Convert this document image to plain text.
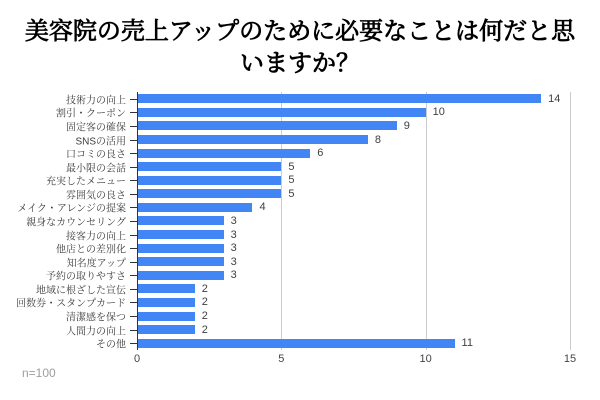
美容院の売上アップのために必要なことは何だと思いますか？
技術力の向上	14
割引・クーポン	10
固定客の確保	9
SNSの活用	8
口コミの良さ	6
最小限の会話	5
充実したメニュー	5
雰囲気の良さ	5
メイク・アレンジの提案	4
親身なカウンセリング	3
接客力の向上	3
他店との差別化	3
知名度アップ	3
予約の取りやすさ	3
地域に根ざした宣伝	2
回数券・スタンプカード	2
清潔感を保つ	2
人間力の向上	2
その他	11
0	5	10	15
n=100
